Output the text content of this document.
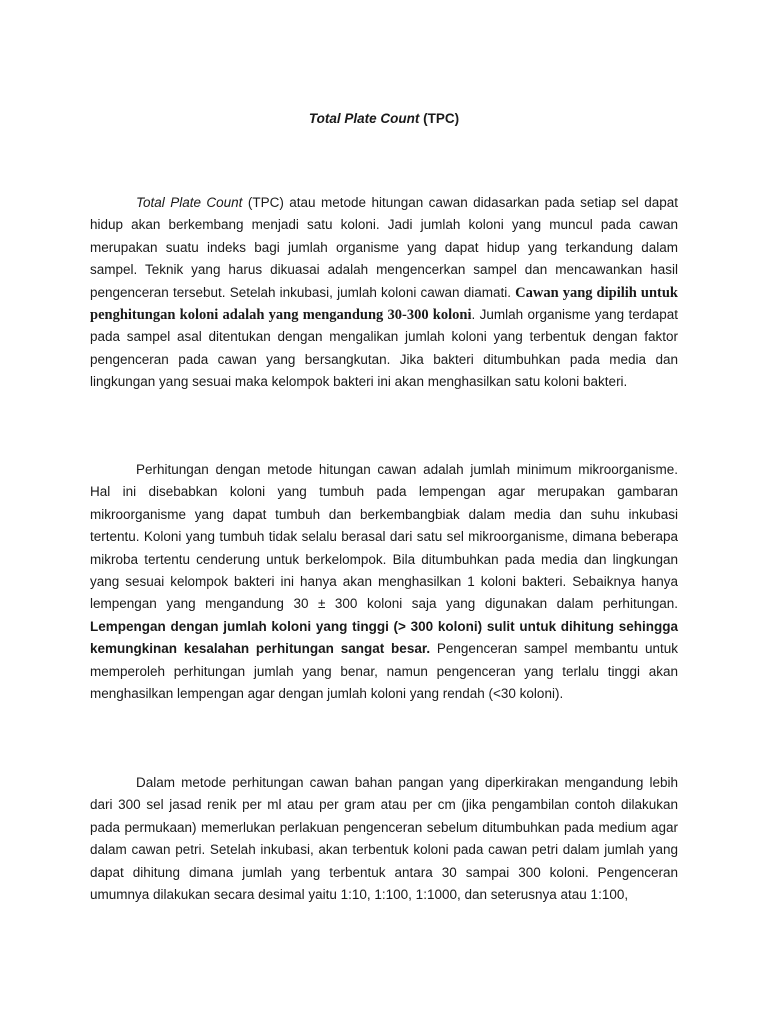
Total Plate Count (TPC)

Total Plate Count (TPC) atau metode hitungan cawan didasarkan pada setiap sel dapat hidup akan berkembang menjadi satu koloni. Jadi jumlah koloni yang muncul pada cawan merupakan suatu indeks bagi jumlah organisme yang dapat hidup yang terkandung dalam sampel. Teknik yang harus dikuasai adalah mengencerkan sampel dan mencawankan hasil pengenceran tersebut. Setelah inkubasi, jumlah koloni cawan diamati. Cawan yang dipilih untuk penghitungan koloni adalah yang mengandung 30-300 koloni. Jumlah organisme yang terdapat pada sampel asal ditentukan dengan mengalikan jumlah koloni yang terbentuk dengan faktor pengenceran pada cawan yang bersangkutan. Jika bakteri ditumbuhkan pada media dan lingkungan yang sesuai maka kelompok bakteri ini akan menghasilkan satu koloni bakteri.

Perhitungan dengan metode hitungan cawan adalah jumlah minimum mikroorganisme. Hal ini disebabkan koloni yang tumbuh pada lempengan agar merupakan gambaran mikroorganisme yang dapat tumbuh dan berkembangbiak dalam media dan suhu inkubasi tertentu. Koloni yang tumbuh tidak selalu berasal dari satu sel mikroorganisme, dimana beberapa mikroba tertentu cenderung untuk berkelompok. Bila ditumbuhkan pada media dan lingkungan yang sesuai kelompok bakteri ini hanya akan menghasilkan 1 koloni bakteri. Sebaiknya hanya lempengan yang mengandung 30 ± 300 koloni saja yang digunakan dalam perhitungan. Lempengan dengan jumlah koloni yang tinggi (> 300 koloni) sulit untuk dihitung sehingga kemungkinan kesalahan perhitungan sangat besar. Pengenceran sampel membantu untuk memperoleh perhitungan jumlah yang benar, namun pengenceran yang terlalu tinggi akan menghasilkan lempengan agar dengan jumlah koloni yang rendah (<30 koloni).

Dalam metode perhitungan cawan bahan pangan yang diperkirakan mengandung lebih dari 300 sel jasad renik per ml atau per gram atau per cm (jika pengambilan contoh dilakukan pada permukaan) memerlukan perlakuan pengenceran sebelum ditumbuhkan pada medium agar dalam cawan petri. Setelah inkubasi, akan terbentuk koloni pada cawan petri dalam jumlah yang dapat dihitung dimana jumlah yang terbentuk antara 30 sampai 300 koloni. Pengenceran umumnya dilakukan secara desimal yaitu 1:10, 1:100, 1:1000, dan seterusnya atau 1:100,
